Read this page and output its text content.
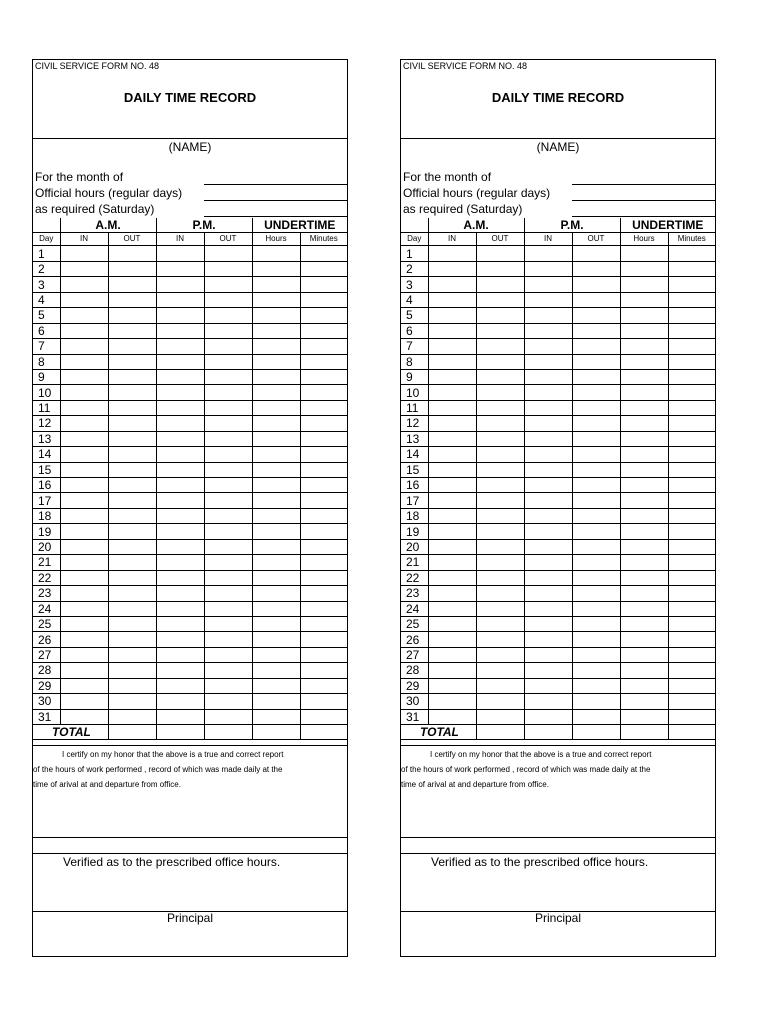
CIVIL SERVICE FORM NO. 48
DAILY TIME RECORD
(NAME)
For the month of
Official hours (regular days)
as required (Saturday)
	A.M.		P.M.		UNDERTIME	
Day	IN	OUT	IN	OUT	Hours	Minutes
1						
2						
3						
4						
5						
6						
7						
8						
9						
10						
11						
12						
13						
14						
15						
16						
17						
18						
19						
20						
21						
22						
23						
24						
25						
26						
27						
28						
29						
30						
31						
TOTAL						
I certify on my honor that the above is a true and correct report
of the hours of work performed , record of which was made daily at the
time of arival at and departure from office.
Verified as to the prescribed office hours.
Principal
CIVIL SERVICE FORM NO. 48
DAILY TIME RECORD
(NAME)
For the month of
Official hours (regular days)
as required (Saturday)
	A.M.		P.M.		UNDERTIME	
Day	IN	OUT	IN	OUT	Hours	Minutes
1						
2						
3						
4						
5						
6						
7						
8						
9						
10						
11						
12						
13						
14						
15						
16						
17						
18						
19						
20						
21						
22						
23						
24						
25						
26						
27						
28						
29						
30						
31						
TOTAL						
I certify on my honor that the above is a true and correct report
of the hours of work performed , record of which was made daily at the
time of arival at and departure from office.
Verified as to the prescribed office hours.
Principal
